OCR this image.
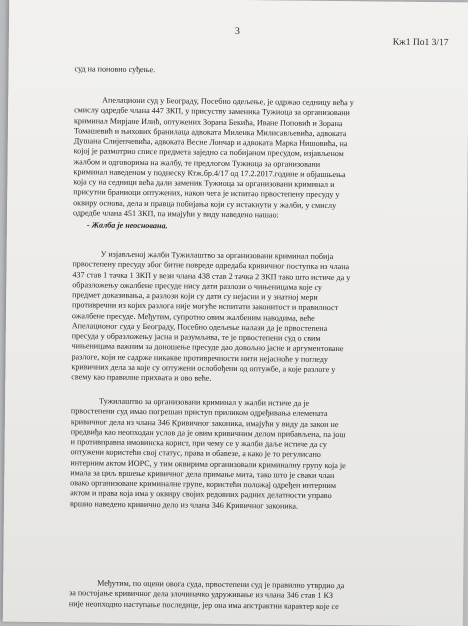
3
Кж1 По1 3/17
суд на поновно суђење.
Апелациони суд у Београду, Посебно одељење, је одржао седницу већа у
смислу одредбе члана 447 ЗКП, у присуству заменика Тужиоца за организовани
криминал Мирјане Илић, оптужених Зорана Бекића, Иване Поповић и Зорана
Томашевић и њихових бранилаца адвоката Миленка Милисављевића, адвоката
Душана Слијепчевића, адвоката Весне Лончар и адвоката Марка Нишовића, на
којој је размотрио списе предмета заједно са побијаном пресудом, изјављеном
жалбом и одговорима на жалбу, те предлогом Тужиоца за организовани
криминал наведеном у поднеску Ктж.бр.4/17 од 17.2.2017.године и објашњења
која су на седници већа дали заменик Тужиоца за организовани криминал и
присутни браниоци оптужених, након чега је испитао првостепену пресуду у
оквиру основа, дела и правца побијања који су истакнути у жалби, у смислу
одредбе члана 451 ЗКП, па имајући у виду наведено нашао:
- Жалба је неоснована.
У изјављеној жалби Тужилаштво за организовани криминал побија
првостепену пресуду због битне повреде одредаба кривичног поступка из члана
437 став 1 тачка 1 ЗКП у вези члана 438 став 2 тачка 2 ЗКП тако што истиче да у
образложењу ожалбене пресуде нису дати разлози о чињеницама које су
предмет доказивања, а разлози који су дати су нејасни и у знатној мери
противречни из којих разлога није могуће испитати законитост и правилност
ожалбене пресуде. Међутим, супротно овим жалбеним наводима, веће
Апелационог суда у Београду, Посебно одељење налази да је првостепена
пресуда у образложењу јасна и разумљива, те је првостепени суд о свим
чињеницама важним за доношење пресуде дао довољно јасне и аргументоване
разлоге, који не садрже никакве противречности нити нејасноће у погледу
кривичних дела за које су оптужени ослобођени од оптужбе, а које разлоге у
свему као правилне прихвата и ово веће.
Тужилаштво за организовани криминал у жалби истиче да је
првостепени суд имао погрешан приступ приликом одређивања елемената
кривичног дела из члана 346 Кривичног законика, имајући у виду да закон не
предвиђа као неопходан услов да је овим кривичним делом прибављена, па још
и противправна имовинска корист, при чему се у жалби даље истиче да су
оптужени користећи свој статус, права и обавезе, а како је то регулисано
интерним актом ИОРС, у тим оквирима организовали криминалну групу која је
имала за циљ вршење кривичног дела примање мита, тако што је сваки члан
овако организоване криминалне групе, користећи положај одређен интерним
актом и права која има у оквиру својих редовних радних делатности управо
вршио наведено кривично дело из члана 346 Кривичног законика.
Међутим, по оцени овога суда, првостепени суд је правилно утврдио да
за постојање кривичног дела злочиначко удруживање из члана 346 став 1 КЗ
није неопходно наступање последице, јер она има апстрактни карактер које се
